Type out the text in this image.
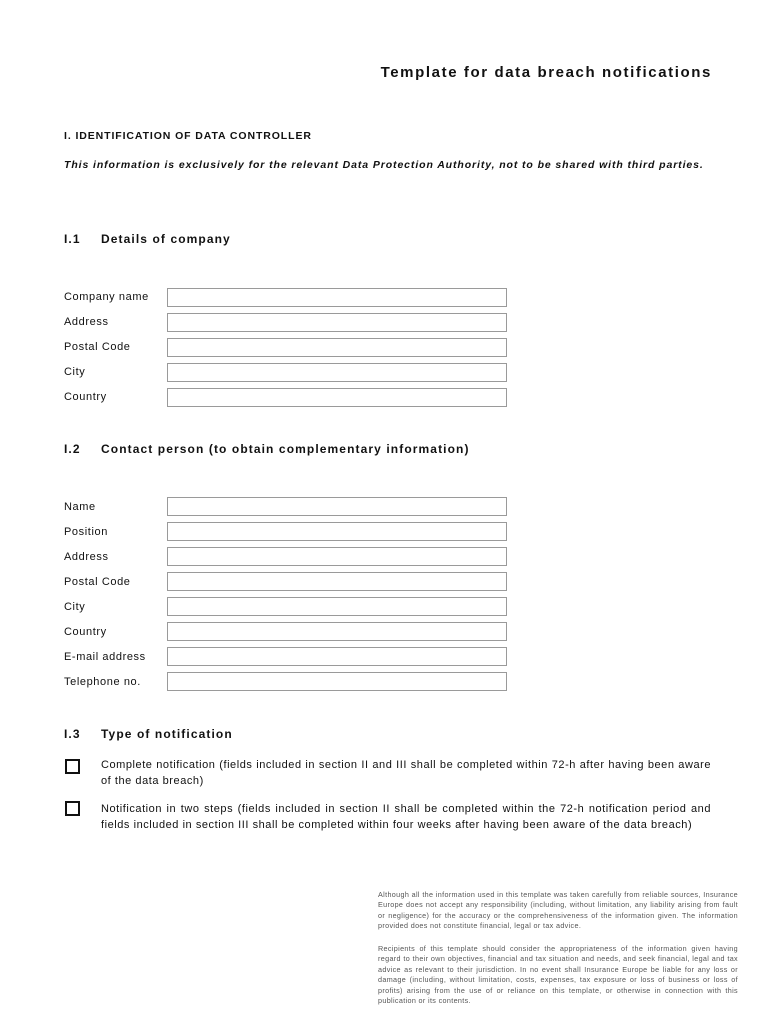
Template for data breach notifications
I. IDENTIFICATION OF DATA CONTROLLER
This information is exclusively for the relevant Data Protection Authority, not to be shared with third parties.
I.1 Details of company
Company name
Address
Postal Code
City
Country
I.2 Contact person (to obtain complementary information)
Name
Position
Address
Postal Code
City
Country
E-mail address
Telephone no.
I.3 Type of notification
Complete notification (fields included in section II and III shall be completed within 72-h after having been aware of the data breach)
Notification in two steps (fields included in section II shall be completed within the 72-h notification period and fields included in section III shall be completed within four weeks after having been aware of the data breach)
Although all the information used in this template was taken carefully from reliable sources, Insurance Europe does not accept any responsibility (including, without limitation, any liability arising from fault or negligence) for the accuracy or the comprehensiveness of the information given. The information provided does not constitute financial, legal or tax advice.
Recipients of this template should consider the appropriateness of the information given having regard to their own objectives, financial and tax situation and needs, and seek financial, legal and tax advice as relevant to their jurisdiction. In no event shall Insurance Europe be liable for any loss or damage (including, without limitation, costs, expenses, tax exposure or loss of business or loss of profits) arising from the use of or reliance on this template, or otherwise in connection with this publication or its contents.
